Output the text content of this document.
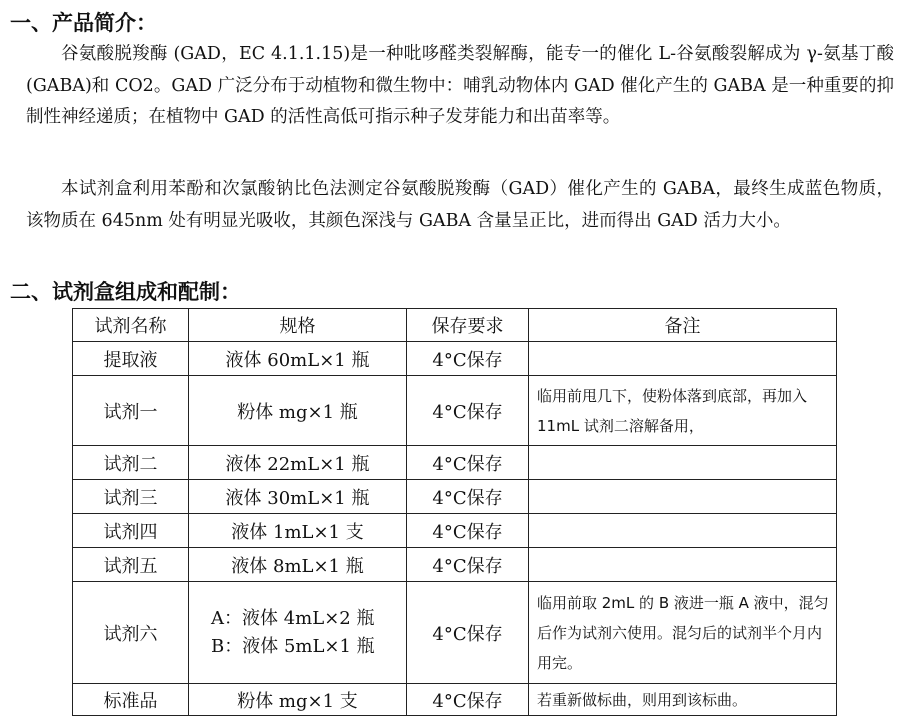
一、产品简介：

谷氨酸脱羧酶 (GAD，EC 4.1.1.15)是一种吡哆醛类裂解酶，能专一的催化 L-谷氨酸裂解成为 γ-氨基丁酸 (GABA)和 CO2。GAD 广泛分布于动植物和微生物中：哺乳动物体内 GAD 催化产生的 GABA 是一种重要的抑制性神经递质；在植物中 GAD 的活性高低可指示种子发芽能力和出苗率等。

本试剂盒利用苯酚和次氯酸钠比色法测定谷氨酸脱羧酶（GAD）催化产生的 GABA，最终生成蓝色物质，该物质在 645nm 处有明显光吸收，其颜色深浅与 GABA 含量呈正比，进而得出 GAD 活力大小。

二、试剂盒组成和配制：
试剂名称	规格	保存要求	备注
提取液	液体 60mL×1 瓶	4°C保存	
试剂一	粉体 mg×1 瓶	4°C保存	临用前甩几下，使粉体落到底部，再加入 11mL 试剂二溶解备用，
试剂二	液体 22mL×1 瓶	4°C保存	
试剂三	液体 30mL×1 瓶	4°C保存	
试剂四	液体 1mL×1 支	4°C保存	
试剂五	液体 8mL×1 瓶	4°C保存	
试剂六	A：液体 4mL×2 瓶
B：液体 5mL×1 瓶	4°C保存	临用前取 2mL 的 B 液进一瓶 A 液中，混匀后作为试剂六使用。混匀后的试剂半个月内用完。
标准品	粉体 mg×1 支	4°C保存	若重新做标曲，则用到该标曲。
